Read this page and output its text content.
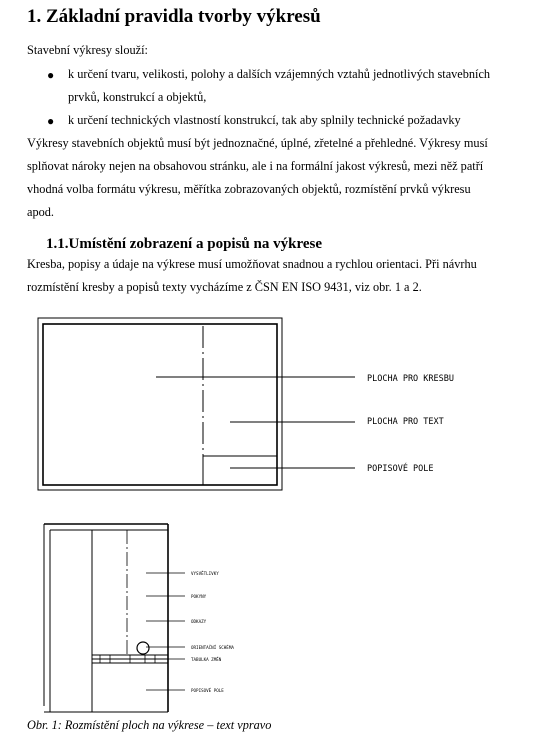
1. Základní pravidla tvorby výkresů

Stavební výkresy slouží:

● k určení tvaru, velikosti, polohy a dalších vzájemných vztahů jednotlivých stavebních

prvků, konstrukcí a objektů,

● k určení technických vlastností konstrukcí, tak aby splnily technické požadavky

Výkresy stavebních objektů musí být jednoznačné, úplné, zřetelné a přehledné. Výkresy musí

splňovat nároky nejen na obsahovou stránku, ale i na formální jakost výkresů, mezi něž patří

vhodná volba formátu výkresu, měřítka zobrazovaných objektů, rozmístění prvků výkresu

apod.

1.1.Umístění zobrazení a popisů na výkrese

Kresba, popisy a údaje na výkrese musí umožňovat snadnou a rychlou orientaci. Při návrhu

rozmístění kresby a popisů texty vycházíme z ČSN EN ISO 9431, viz obr. 1 a 2.

PLOCHA PRO KRESBU
PLOCHA PRO TEXT
POPISOVÉ POLE
VYSVĚTLIVKY
POKYNY
ODKAZY
ORIENTAČNÍ SCHÉMA
TABULKA ZMĚN
POPISOVÉ POLE

Obr. 1: Rozmístění ploch na výkrese – text vpravo
